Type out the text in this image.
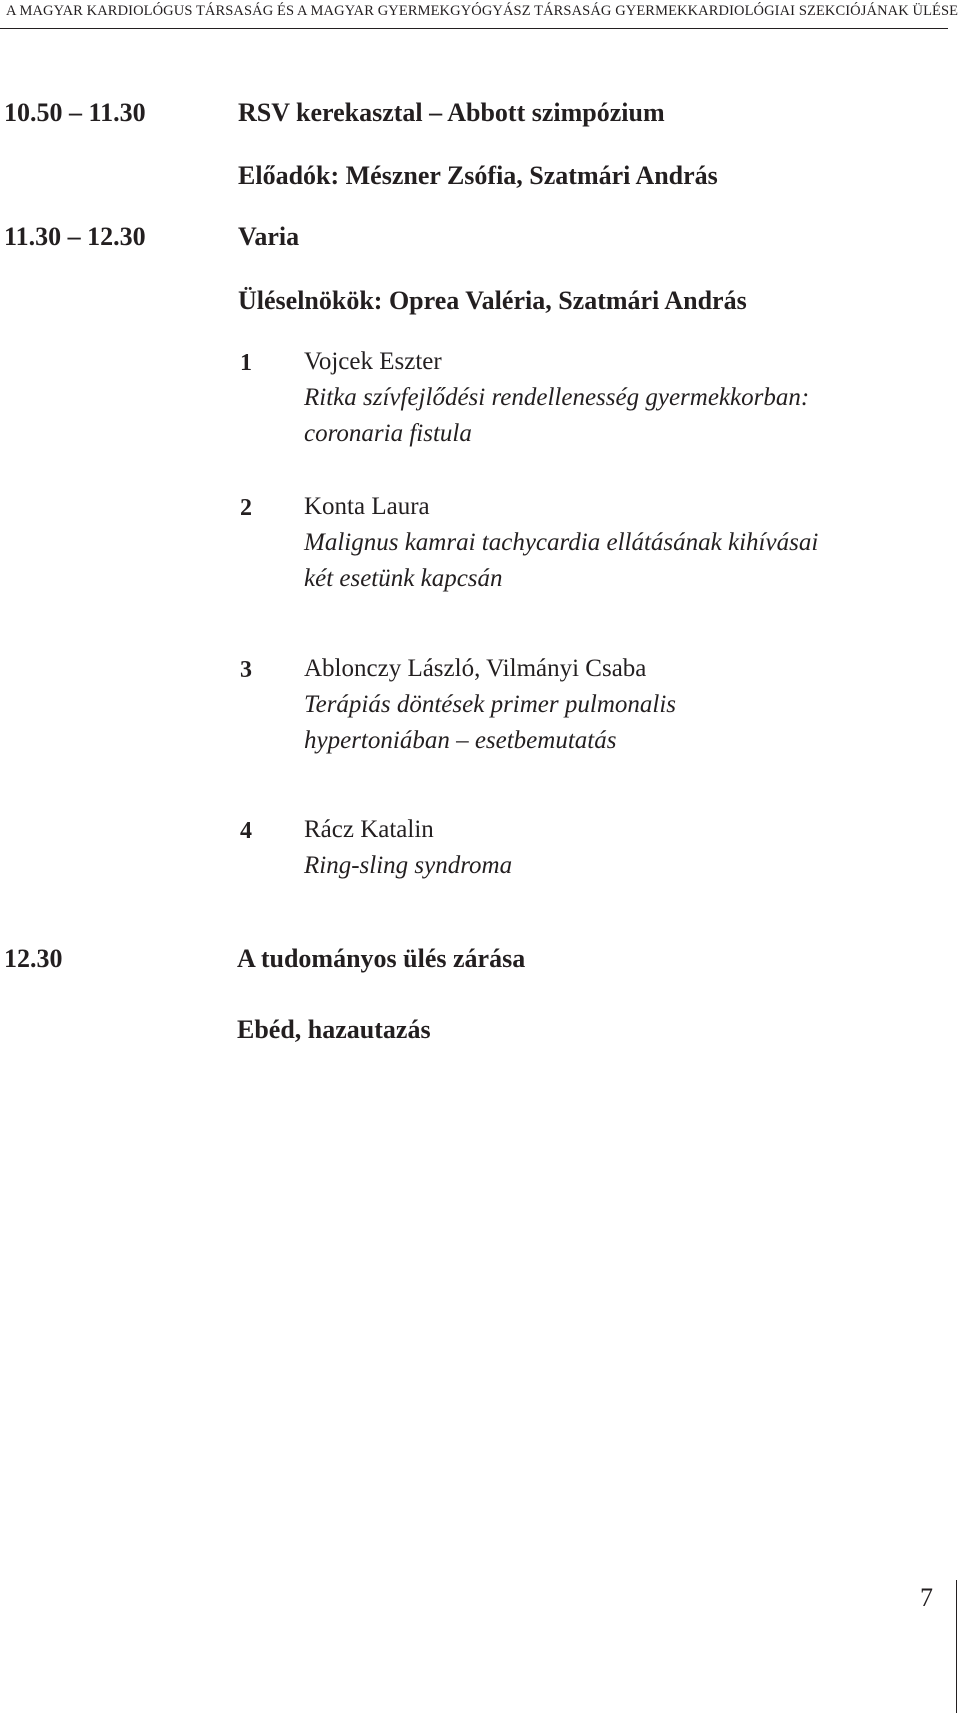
A MAGYAR KARDIOLÓGUS TÁRSASÁG ÉS A MAGYAR GYERMEKGYÓGYÁSZ TÁRSASÁG GYERMEKKARDIOLÓGIAI SZEKCIÓJÁNAK ÜLÉSE
10.50 – 11.30	RSV kerekasztal – Abbott szimpózium
Előadók: Mészner Zsófia, Szatmári András
11.30 – 12.30	Varia
Üléselnökök: Oprea Valéria, Szatmári András
1 Vojcek Eszter
Ritka szívfejlődési rendellenesség gyermekkorban:
coronaria fistula
2 Konta Laura
Malignus kamrai tachycardia ellátásának kihívásai
két esetünk kapcsán
3 Ablonczy László, Vilmányi Csaba
Terápiás döntések primer pulmonalis
hypertoniában – esetbemutatás
4 Rácz Katalin
Ring-sling syndroma
12.30	A tudományos ülés zárása
Ebéd, hazautazás
7
